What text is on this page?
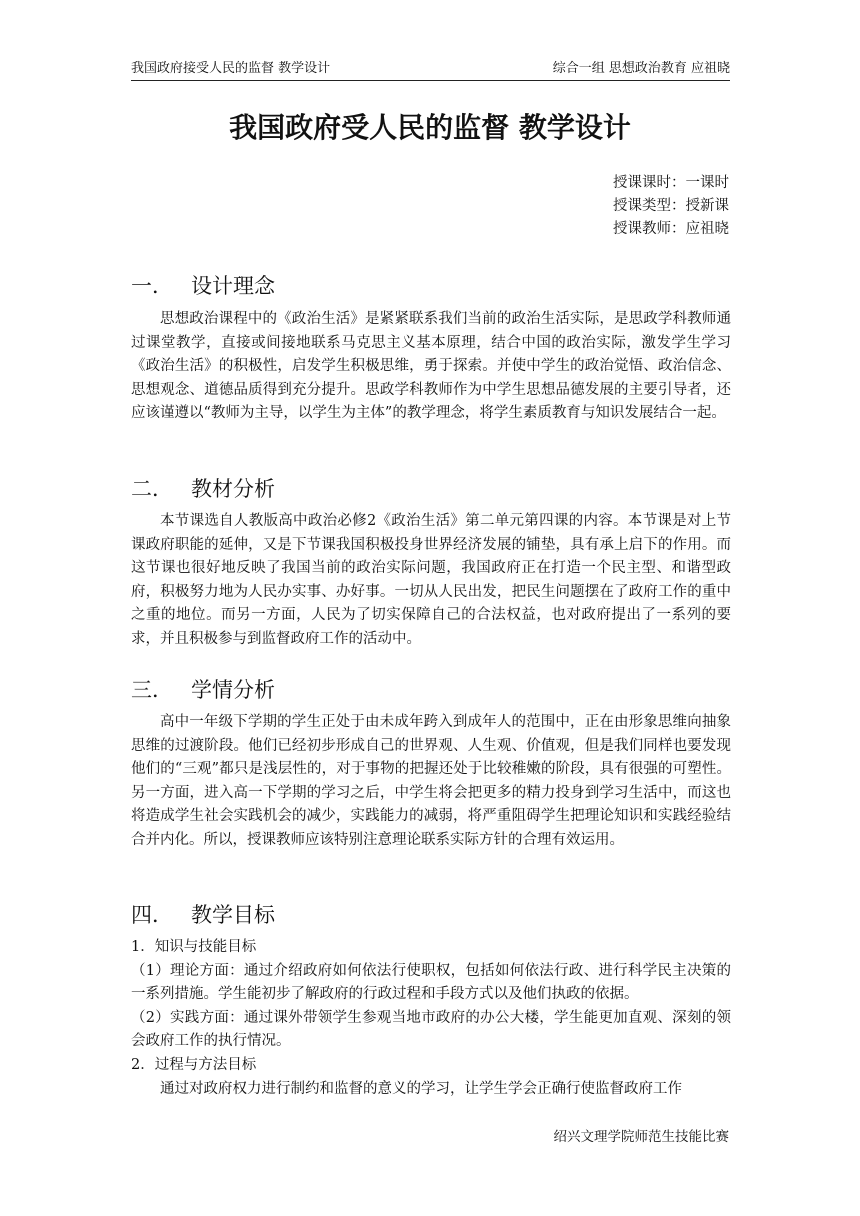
我国政府接受人民的监督 教学设计	综合一组 思想政治教育 应祖晓
我国政府受人民的监督 教学设计
授课课时：一课时
授课类型：授新课
授课教师：应祖晓
一． 设计理念

思想政治课程中的《政治生活》是紧紧联系我们当前的政治生活实际，是思政学科教师通过课堂教学，直接或间接地联系马克思主义基本原理，结合中国的政治实际，激发学生学习《政治生活》的积极性，启发学生积极思维，勇于探索。并使中学生的政治觉悟、政治信念、思想观念、道德品质得到充分提升。思政学科教师作为中学生思想品德发展的主要引导者，还应该谨遵以“教师为主导，以学生为主体”的教学理念，将学生素质教育与知识发展结合一起。

二． 教材分析

本节课选自人教版高中政治必修2《政治生活》第二单元第四课的内容。本节课是对上节课政府职能的延伸，又是下节课我国积极投身世界经济发展的铺垫，具有承上启下的作用。而这节课也很好地反映了我国当前的政治实际问题，我国政府正在打造一个民主型、和谐型政府，积极努力地为人民办实事、办好事。一切从人民出发，把民生问题摆在了政府工作的重中之重的地位。而另一方面，人民为了切实保障自己的合法权益，也对政府提出了一系列的要求，并且积极参与到监督政府工作的活动中。

三． 学情分析

高中一年级下学期的学生正处于由未成年跨入到成年人的范围中，正在由形象思维向抽象思维的过渡阶段。他们已经初步形成自己的世界观、人生观、价值观，但是我们同样也要发现他们的“三观”都只是浅层性的，对于事物的把握还处于比较稚嫩的阶段，具有很强的可塑性。另一方面，进入高一下学期的学习之后，中学生将会把更多的精力投身到学习生活中，而这也将造成学生社会实践机会的减少，实践能力的减弱，将严重阻碍学生把理论知识和实践经验结合并内化。所以，授课教师应该特别注意理论联系实际方针的合理有效运用。

四． 教学目标

1．知识与技能目标

（1）理论方面：通过介绍政府如何依法行使职权，包括如何依法行政、进行科学民主决策的一系列措施。学生能初步了解政府的行政过程和手段方式以及他们执政的依据。

（2）实践方面：通过课外带领学生参观当地市政府的办公大楼，学生能更加直观、深刻的领会政府工作的执行情况。

2．过程与方法目标

通过对政府权力进行制约和监督的意义的学习，让学生学会正确行使监督政府工作

绍兴文理学院师范生技能比赛
